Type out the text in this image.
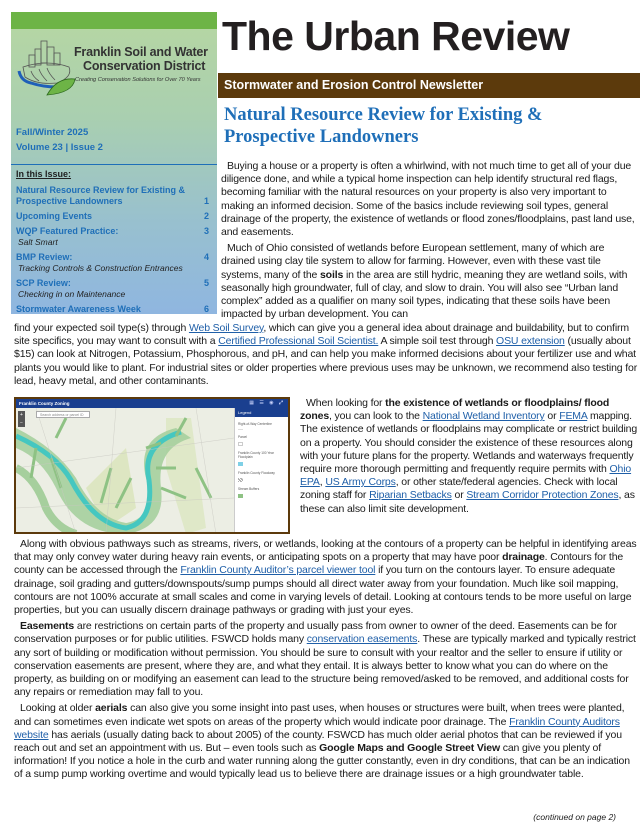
Franklin Soil and Water
Conservation District
Creating Conservation Solutions for Over 70 Years
Fall/Winter 2025
Volume 23 | Issue 2
In this Issue:
Natural Resource Review for Existing & Prospective Landowners	1
Upcoming Events	2
WQP Featured Practice:	3
Salt Smart
BMP Review:	4
Tracking Controls & Construction Entrances
SCP Review:	5
Checking in on Maintenance
Stormwater Awareness Week	6
The Urban Review
Stormwater and Erosion Control Newsletter
Natural Resource Review for Existing & Prospective Landowners

Buying a house or a property is often a whirlwind, with not much time to get all of your due diligence done, and while a typical home inspection can help identify structural red flags, becoming familiar with the natural resources on your property is also very important to making an informed decision. Some of the basics include reviewing soil types, general drainage of the property, the existence of wetlands or flood zones/floodplains, past land use, and easements.

Much of Ohio consisted of wetlands before European settlement, many of which are drained using clay tile system to allow for farming. However, even with these vast tile systems, many of the soils in the area are still hydric, meaning they are wetland soils, with seasonally high groundwater, full of clay, and slow to drain. You will also see “Urban land complex” added as a qualifier on many soil types, indicating that these soils have been impacted by urban development. You can

find your expected soil type(s) through Web Soil Survey, which can give you a general idea about drainage and buildability, but to confirm site specifics, you may want to consult with a Certified Professional Soil Scientist. A simple soil test through OSU extension (usually about $15) can look at Nitrogen, Potassium, Phosphorous, and pH, and can help you make informed decisions about your fertilizer use and what plants you would like to plant. For industrial sites or older properties where previous uses may be unknown, we recommend also testing for lead, heavy metal, and other contaminants.

Franklin County Zoning	▦ ☰ ◉ ⤢
+
−
Search address or parcel ID	Legend
Right-of-Way Centerline
Parcel
Franklin County 100 Year Floodplain
Franklin County Floodway
Stream Buffers

When looking for the existence of wetlands or floodplains/ flood zones, you can look to the National Wetland Inventory or FEMA mapping. The existence of wetlands or floodplains may complicate or restrict building on a property. You should consider the existence of these resources along with your future plans for the property. Wetlands and waterways frequently require more thorough permitting and frequently require permits with Ohio EPA, US Army Corps, or other state/federal agencies. Check with local zoning staff for Riparian Setbacks or Stream Corridor Protection Zones, as these can also limit site development.

Along with obvious pathways such as streams, rivers, or wetlands, looking at the contours of a property can be helpful in identifying areas that may only convey water during heavy rain events, or anticipating spots on a property that may have poor drainage. Contours for the county can be accessed through the Franklin County Auditor’s parcel viewer tool if you turn on the contours layer. To ensure adequate drainage, soil grading and gutters/downspouts/sump pumps should all direct water away from your foundation. Much like soil mapping, contours are not 100% accurate at small scales and come in varying levels of detail. Looking at contours tends to be more useful on large properties, but you can usually discern drainage pathways or grading with just your eyes.

Easements are restrictions on certain parts of the property and usually pass from owner to owner of the deed. Easements can be for conservation purposes or for public utilities. FSWCD holds many conservation easements. These are typically marked and typically restrict any sort of building or modification without permission. You should be sure to consult with your realtor and the seller to ensure if utility or conservation easements are present, where they are, and what they entail. It is always better to know what you can do where on the property, as building on or modifying an easement can lead to the structure being removed/asked to be removed, and additional costs for any repairs or remediation may fall to you.

Looking at older aerials can also give you some insight into past uses, when houses or structures were built, when trees were planted, and can sometimes even indicate wet spots on areas of the property which would indicate poor drainage. The Franklin County Auditors website has aerials (usually dating back to about 2005) of the county. FSWCD has much older aerial photos that can be reviewed if you reach out and set an appointment with us. But – even tools such as Google Maps and Google Street View can give you plenty of information! If you notice a hole in the curb and water running along the gutter constantly, even in dry conditions, that can be an indication of a sump pump working overtime and would typically lead us to believe there are drainage issues or a high groundwater table.

(continued on page 2)
